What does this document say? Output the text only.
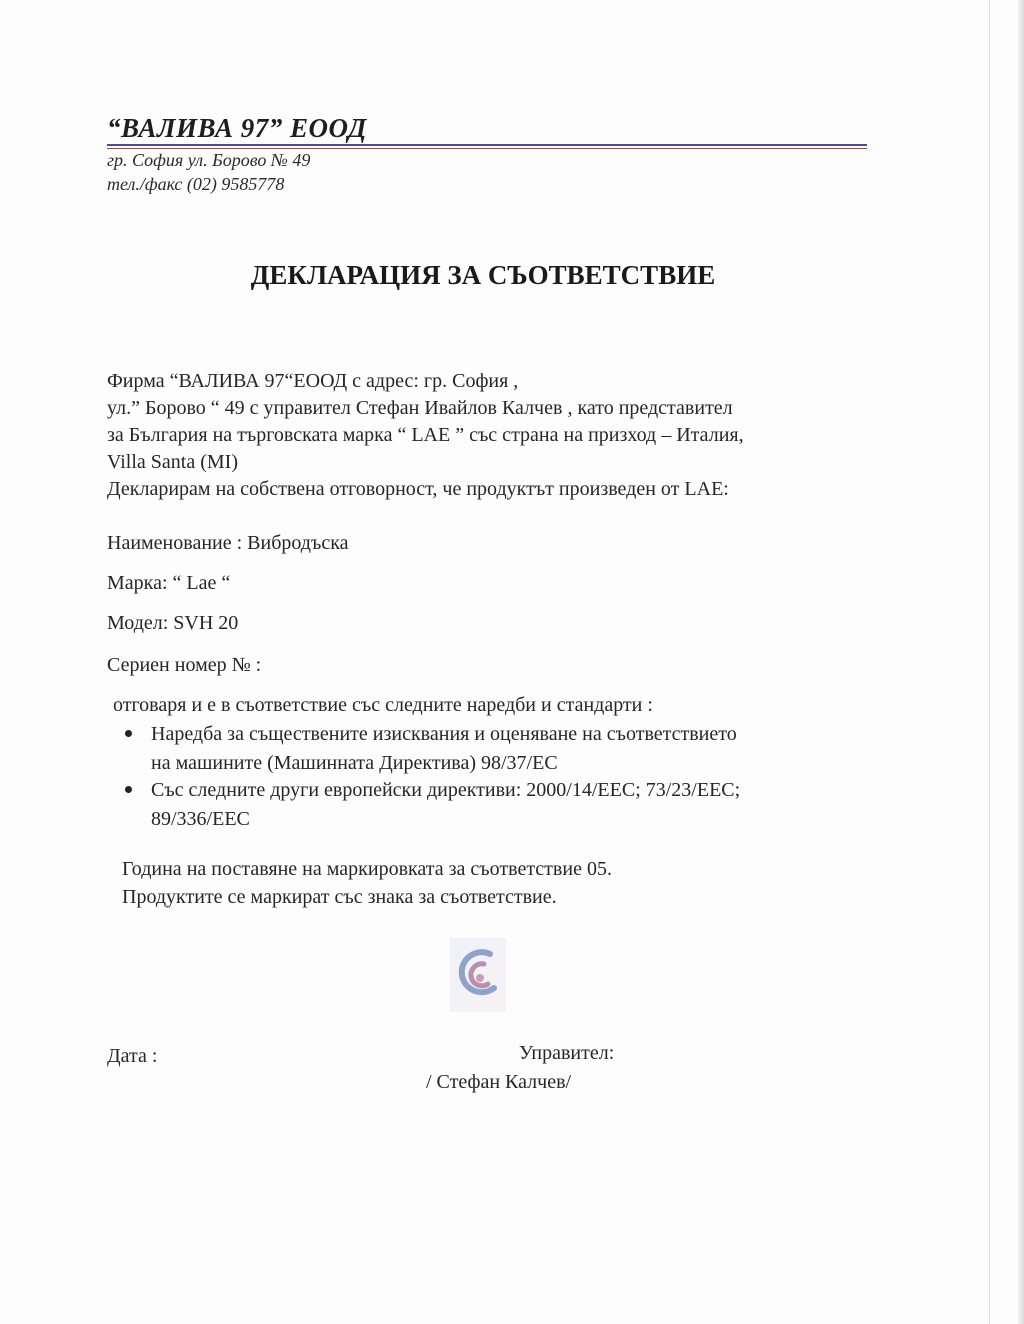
“ВАЛИВА 97” ЕООД
гр. София ул. Борово № 49
тел./факс (02) 9585778
ДЕКЛАРАЦИЯ ЗА СЪОТВЕТСТВИЕ
Фирма “ВАЛИВА 97“ЕООД с адрес: гр. София ,
ул.” Борово “ 49 с управител Стефан Ивайлов Калчев , като представител
за България на търговската марка “ LAE ” със страна на призход – Италия,
Villa Santa (MI)
Декларирам на собствена отговорност, че продуктът произведен от LAE:
Наименование : Вибродъска
Марка: “ Lae “
Модел: SVH 20
Сериен номер № :
отговаря и е в съответствие със следните наредби и стандарти :
Наредба за съществените изисквания и оценяване на съответствието
на машините (Машинната Директива) 98/37/EC
Със следните други европейски директиви: 2000/14/ЕЕС; 73/23/ЕЕС;
89/336/ЕЕС
Година на поставяне на маркировката за съответствие 05.
Продуктите се маркират със знака за съответствие.
Дата :	Управител:
/ Стефан Калчев/
